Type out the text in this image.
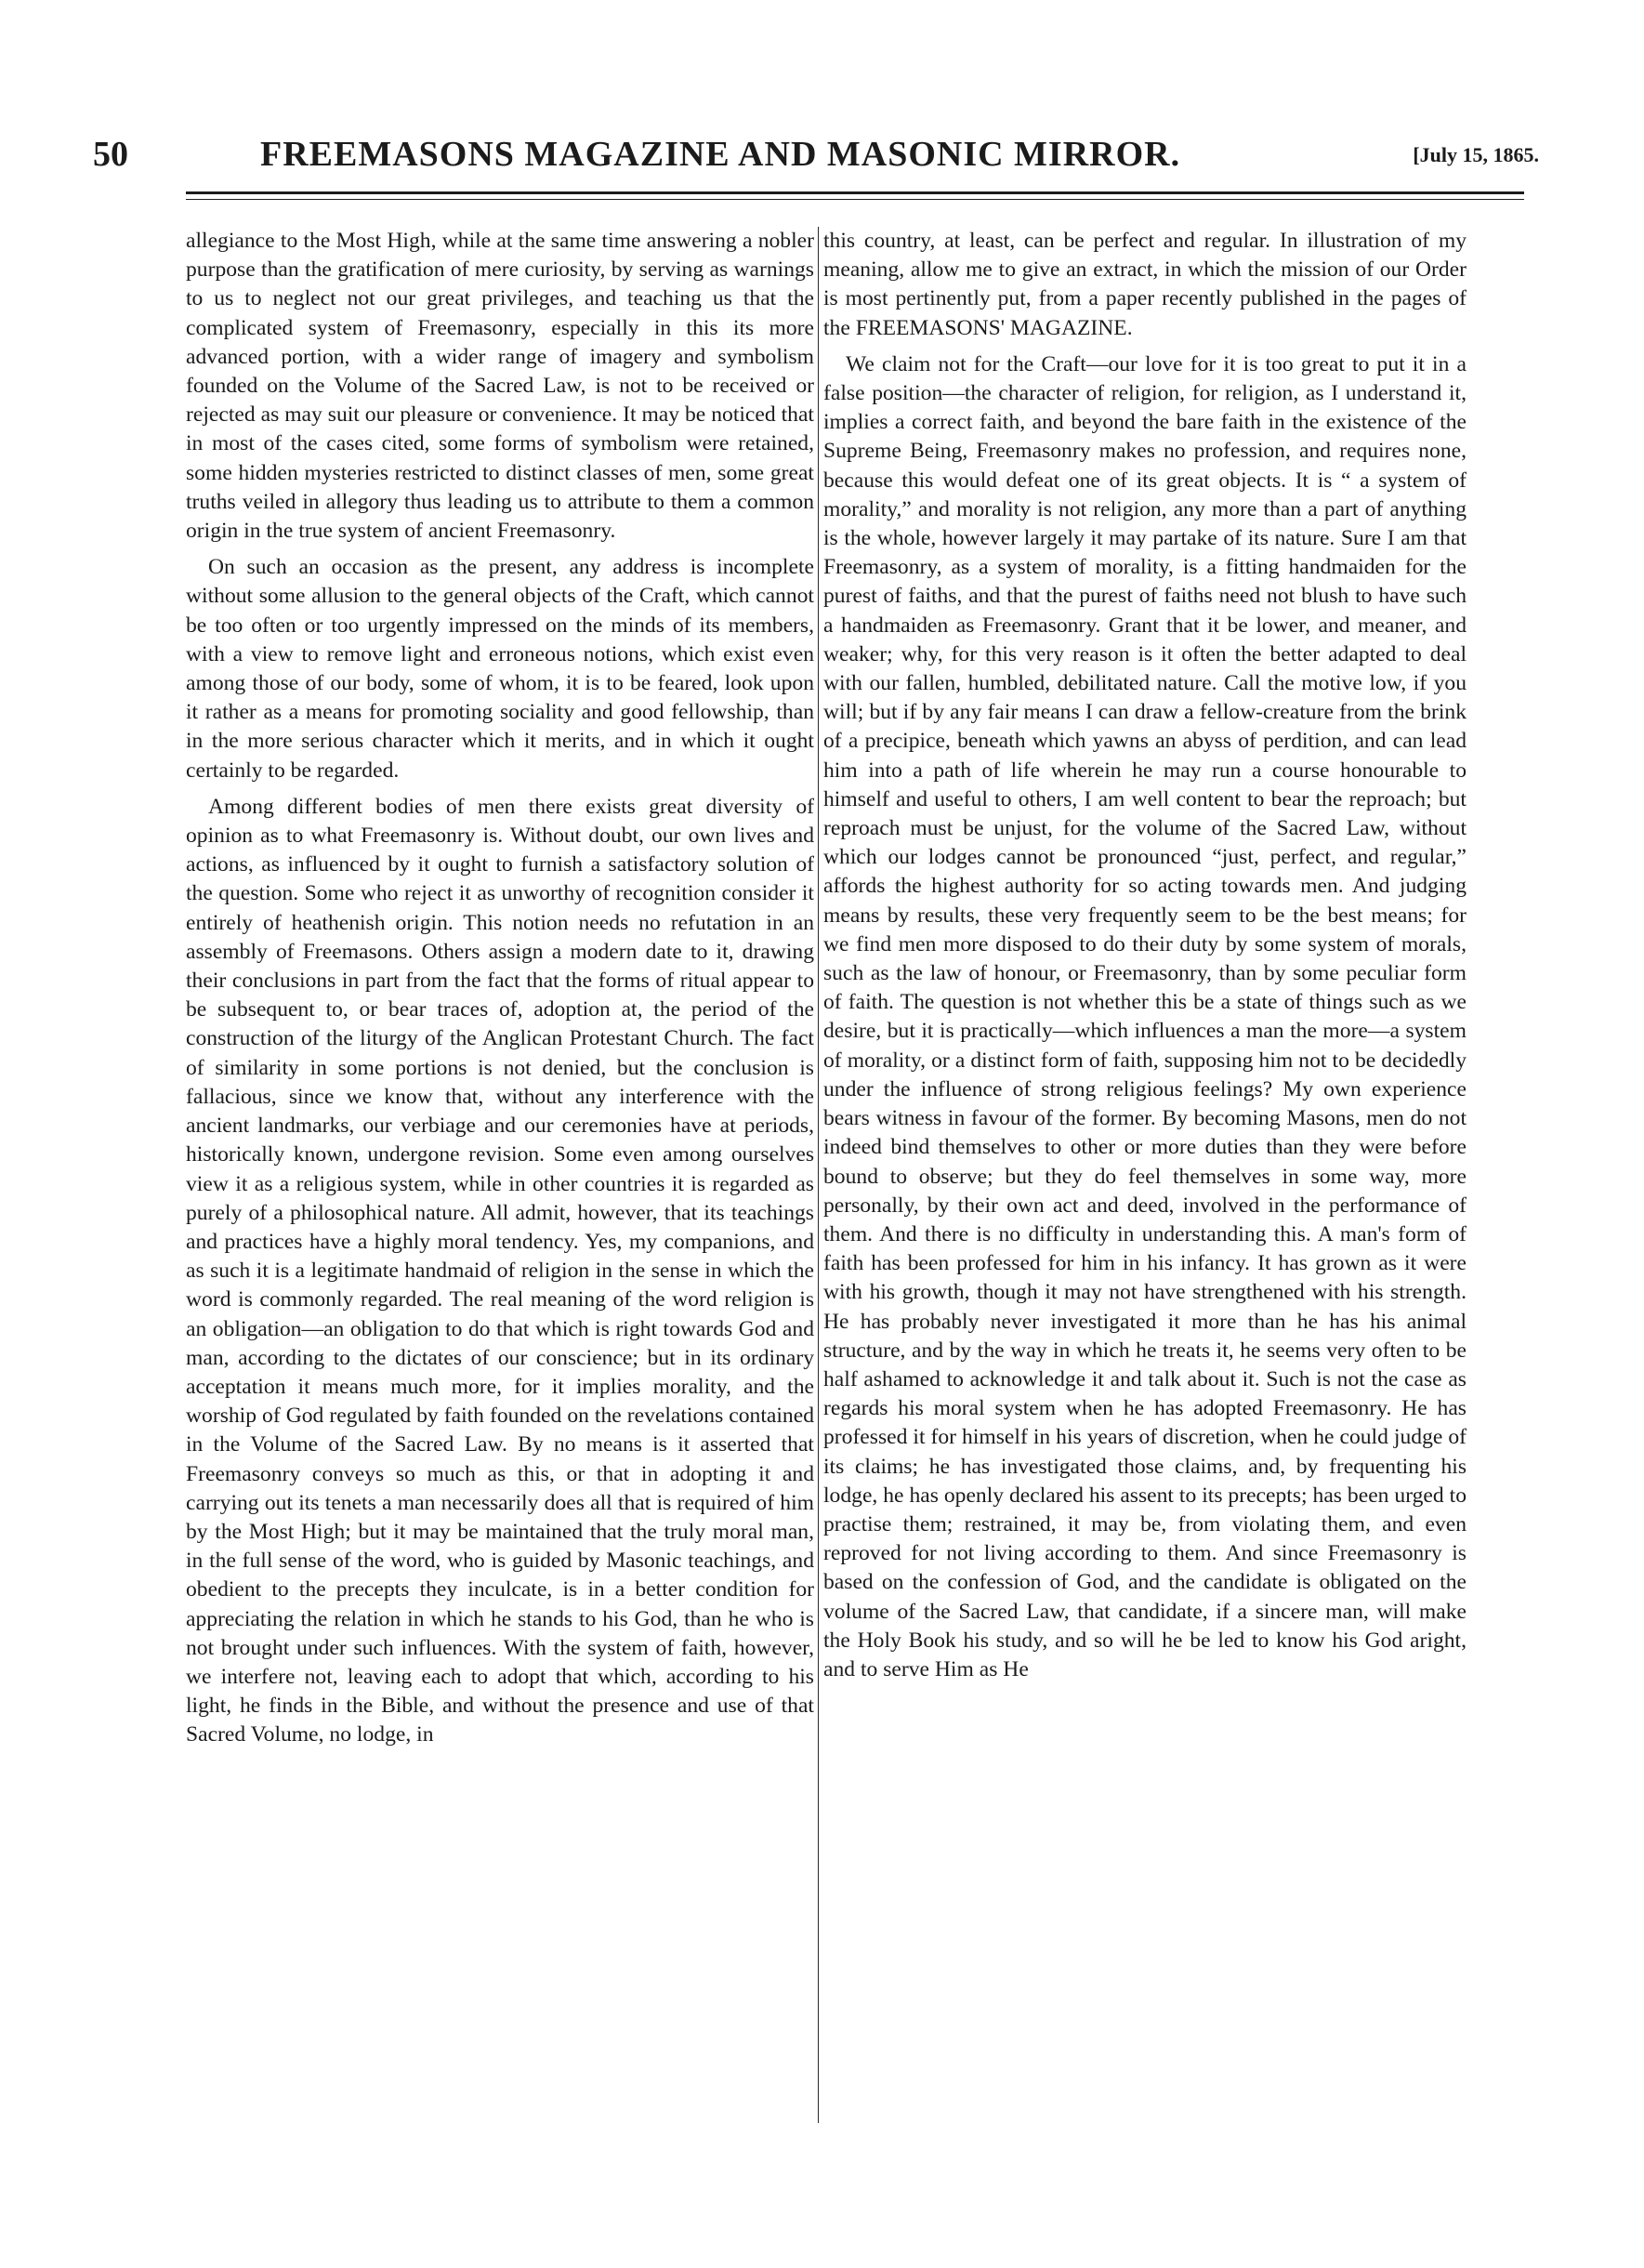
50	FREEMASONS MAGAZINE AND MASONIC MIRROR.	[July 15, 1865.

allegiance to the Most High, while at the same time answering a nobler purpose than the gratification of mere curiosity, by serving as warnings to us to neglect not our great privileges, and teaching us that the complicated system of Freemasonry, especially in this its more advanced portion, with a wider range of imagery and symbolism founded on the Volume of the Sacred Law, is not to be received or rejected as may suit our pleasure or convenience. It may be noticed that in most of the cases cited, some forms of symbolism were retained, some hidden mysteries restricted to distinct classes of men, some great truths veiled in allegory thus leading us to attribute to them a common origin in the true system of ancient Freemasonry.

On such an occasion as the present, any address is incomplete without some allusion to the general objects of the Craft, which cannot be too often or too urgently impressed on the minds of its members, with a view to remove light and erroneous notions, which exist even among those of our body, some of whom, it is to be feared, look upon it rather as a means for promoting sociality and good fellowship, than in the more serious character which it merits, and in which it ought certainly to be regarded.

Among different bodies of men there exists great diversity of opinion as to what Freemasonry is. Without doubt, our own lives and actions, as influenced by it ought to furnish a satisfactory solution of the question. Some who reject it as unworthy of recognition consider it entirely of heathenish origin. This notion needs no refutation in an assembly of Freemasons. Others assign a modern date to it, drawing their conclusions in part from the fact that the forms of ritual appear to be subsequent to, or bear traces of, adoption at, the period of the construction of the liturgy of the Anglican Protestant Church. The fact of similarity in some portions is not denied, but the conclusion is fallacious, since we know that, without any interference with the ancient landmarks, our verbiage and our ceremonies have at periods, historically known, undergone revision. Some even among ourselves view it as a religious system, while in other countries it is regarded as purely of a philosophical nature. All admit, however, that its teachings and practices have a highly moral tendency. Yes, my companions, and as such it is a legitimate handmaid of religion in the sense in which the word is commonly regarded. The real meaning of the word religion is an obligation—an obligation to do that which is right towards God and man, according to the dictates of our conscience; but in its ordinary acceptation it means much more, for it implies morality, and the worship of God regulated by faith founded on the revelations contained in the Volume of the Sacred Law. By no means is it asserted that Freemasonry conveys so much as this, or that in adopting it and carrying out its tenets a man necessarily does all that is required of him by the Most High; but it may be maintained that the truly moral man, in the full sense of the word, who is guided by Masonic teachings, and obedient to the precepts they inculcate, is in a better condition for appreciating the relation in which he stands to his God, than he who is not brought under such influences. With the system of faith, however, we interfere not, leaving each to adopt that which, according to his light, he finds in the Bible, and without the presence and use of that Sacred Volume, no lodge, in

this country, at least, can be perfect and regular. In illustration of my meaning, allow me to give an extract, in which the mission of our Order is most pertinently put, from a paper recently published in the pages of the FREEMASONS' MAGAZINE.

We claim not for the Craft—our love for it is too great to put it in a false position—the character of religion, for religion, as I understand it, implies a correct faith, and beyond the bare faith in the existence of the Supreme Being, Freemasonry makes no profession, and requires none, because this would defeat one of its great objects. It is “ a system of morality,” and morality is not religion, any more than a part of anything is the whole, however largely it may partake of its nature. Sure I am that Freemasonry, as a system of morality, is a fitting handmaiden for the purest of faiths, and that the purest of faiths need not blush to have such a handmaiden as Freemasonry. Grant that it be lower, and meaner, and weaker; why, for this very reason is it often the better adapted to deal with our fallen, humbled, debilitated nature. Call the motive low, if you will; but if by any fair means I can draw a fellow-creature from the brink of a precipice, beneath which yawns an abyss of perdition, and can lead him into a path of life wherein he may run a course honourable to himself and useful to others, I am well content to bear the reproach; but reproach must be unjust, for the volume of the Sacred Law, without which our lodges cannot be pronounced “just, perfect, and regular,” affords the highest authority for so acting towards men. And judging means by results, these very frequently seem to be the best means; for we find men more disposed to do their duty by some system of morals, such as the law of honour, or Freemasonry, than by some peculiar form of faith. The question is not whether this be a state of things such as we desire, but it is practically—which influences a man the more—a system of morality, or a distinct form of faith, supposing him not to be decidedly under the influence of strong religious feelings? My own experience bears witness in favour of the former. By becoming Masons, men do not indeed bind themselves to other or more duties than they were before bound to observe; but they do feel themselves in some way, more personally, by their own act and deed, involved in the performance of them. And there is no difficulty in understanding this. A man's form of faith has been professed for him in his infancy. It has grown as it were with his growth, though it may not have strengthened with his strength. He has probably never investigated it more than he has his animal structure, and by the way in which he treats it, he seems very often to be half ashamed to acknowledge it and talk about it. Such is not the case as regards his moral system when he has adopted Freemasonry. He has professed it for himself in his years of discretion, when he could judge of its claims; he has investigated those claims, and, by frequenting his lodge, he has openly declared his assent to its precepts; has been urged to practise them; restrained, it may be, from violating them, and even reproved for not living according to them. And since Freemasonry is based on the confession of God, and the candidate is obligated on the volume of the Sacred Law, that candidate, if a sincere man, will make the Holy Book his study, and so will he be led to know his God aright, and to serve Him as He
